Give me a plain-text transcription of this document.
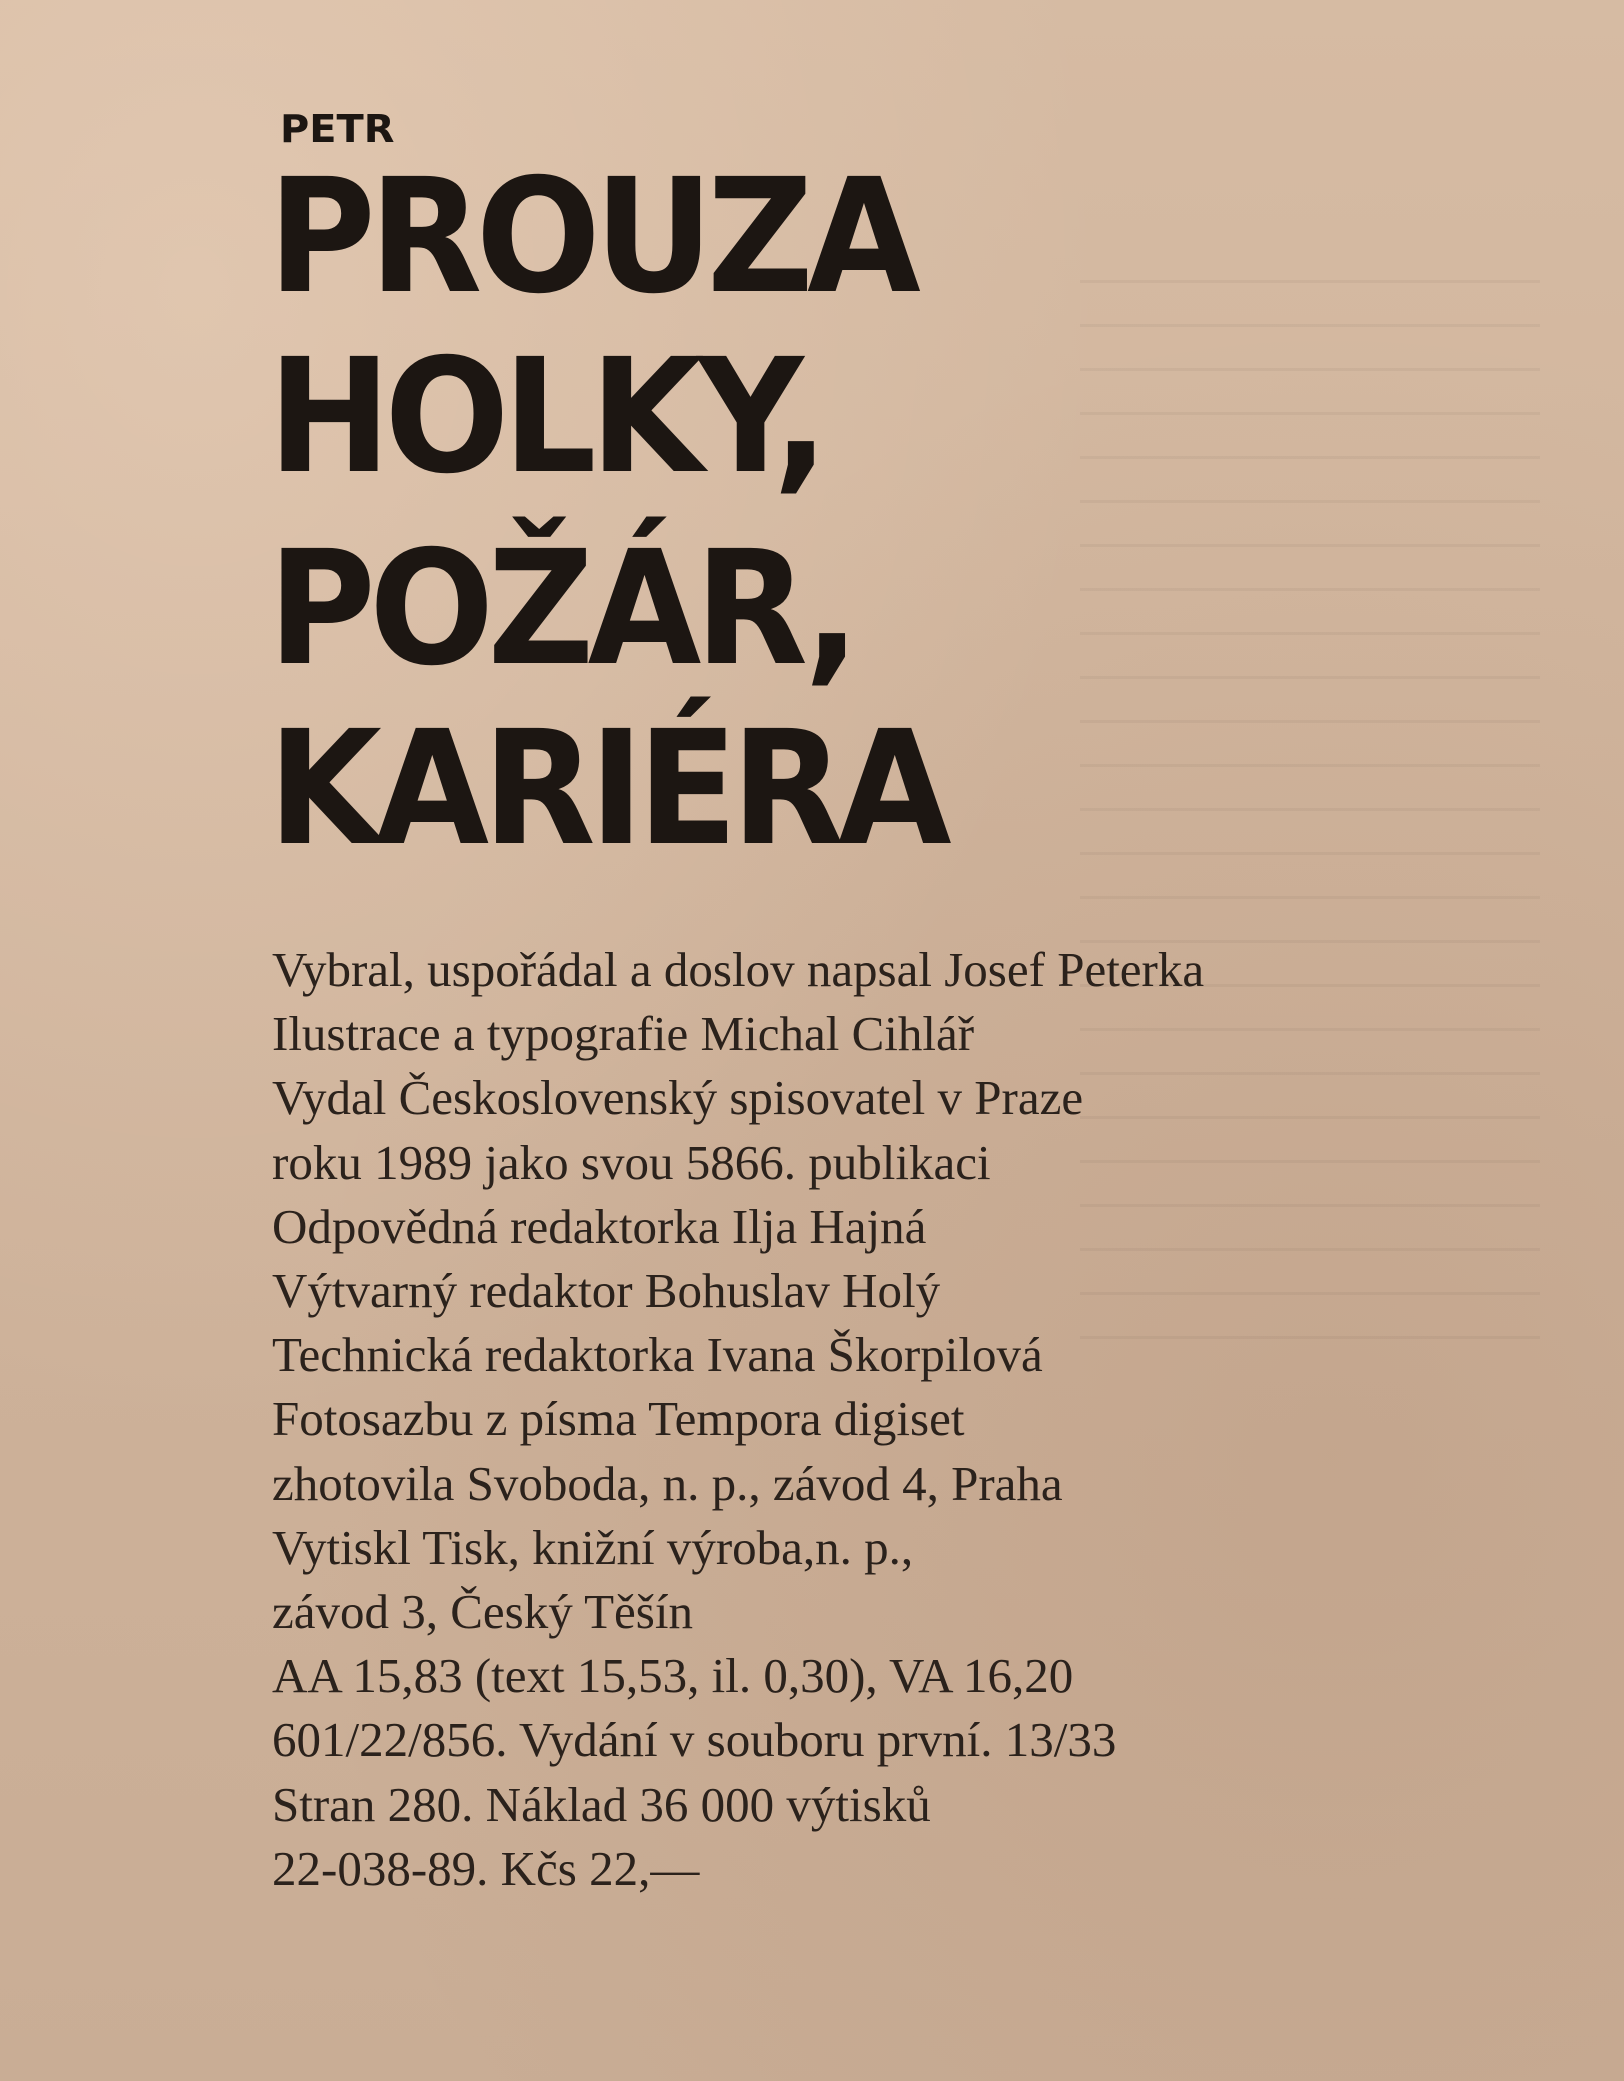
PETR
PROUZA
HOLKY,
POŽÁR,
KARIÉRA
Vybral, uspořádal a doslov napsal Josef Peterka
Ilustrace a typografie Michal Cihlář
Vydal Československý spisovatel v Praze
roku 1989 jako svou 5866. publikaci
Odpovědná redaktorka Ilja Hajná
Výtvarný redaktor Bohuslav Holý
Technická redaktorka Ivana Škorpilová
Fotosazbu z písma Tempora digiset
zhotovila Svoboda, n. p., závod 4, Praha
Vytiskl Tisk, knižní výroba,n. p.,
závod 3, Český Těšín
AA 15,83 (text 15,53, il. 0,30), VA 16,20
601/22/856. Vydání v souboru první. 13/33
Stran 280. Náklad 36 000 výtisků
22-038-89. Kčs 22,—
